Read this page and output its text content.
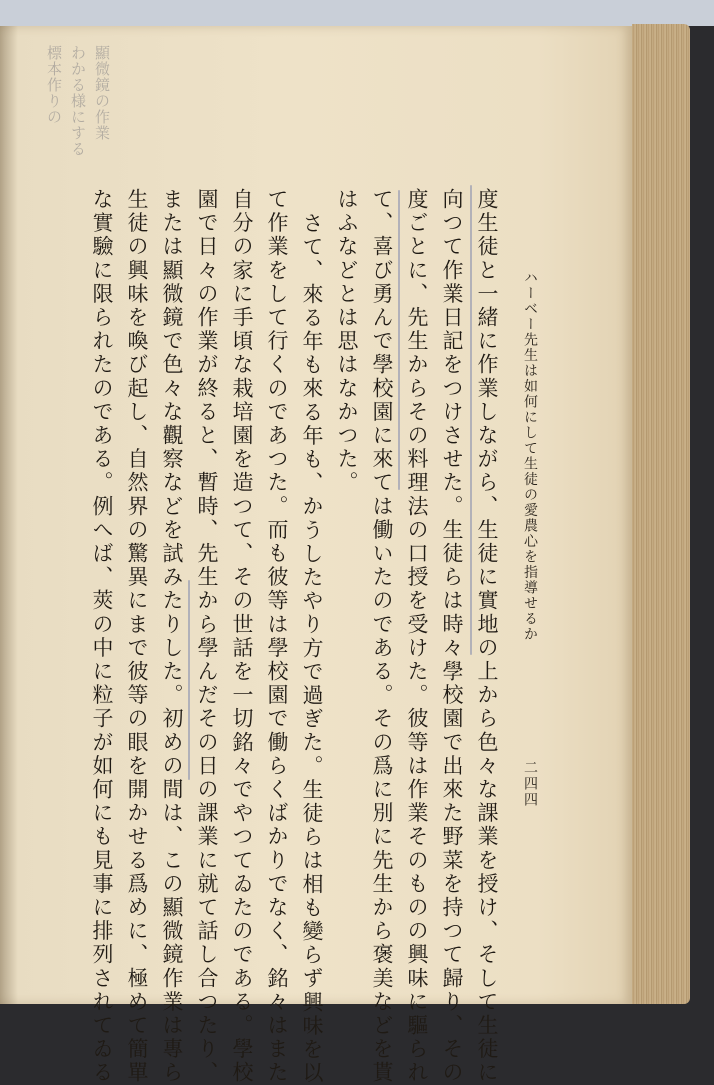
顯微鏡の作業
わかる様にする
標本作りの
ハーベー先生は如何にして生徒の愛農心を指導せるか
二四四
度生徒と一緒に作業しながら、生徒に實地の上から色々な課業を授け、そして生徒に
向つて作業日記をつけさせた。生徒らは時々學校園で出來た野菜を持つて歸り、その
度ごとに、先生からその料理法の口授を受けた。彼等は作業そのものの興味に驅られ
て、喜び勇んで學校園に來ては働いたのである。その爲に別に先生から褒美などを貰
はふなどとは思はなかつた。
さて、來る年も來る年も、かうしたやり方で過ぎた。生徒らは相も變らず興味を以
て作業をして行くのであつた。而も彼等は學校園で働らくばかりでなく、銘々はまた
自分の家に手頃な栽培園を造つて、その世話を一切銘々でやつてゐたのである。學校
園で日々の作業が終ると、暫時、先生から學んだその日の課業に就て話し合つたり、
または顯微鏡で色々な觀察などを試みたりした。初めの間は、この顯微鏡作業は專ら
生徒の興味を喚び起し、自然界の驚異にまで彼等の眼を開かせる爲めに、極めて簡單
な實驗に限られたのである。例へば、莢の中に粒子が如何にも見事に排列されてゐる
